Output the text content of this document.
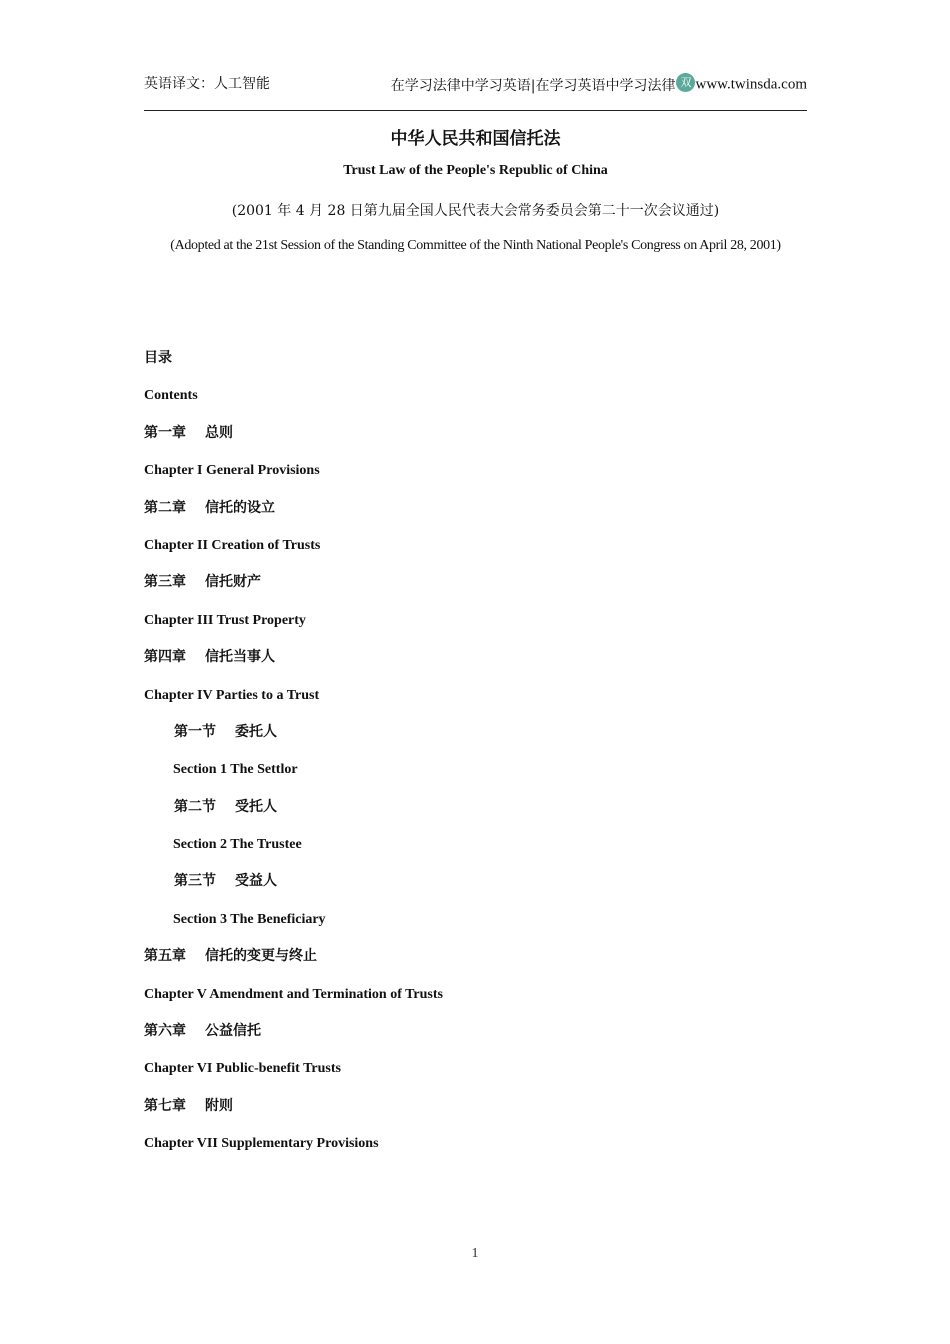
英语译文：人工智能	在学习法律中学习英语|在学习英语中学习法律 双 www.twinsda.com
中华人民共和国信托法
Trust Law of the People's Republic of China
(2001 年 4 月 28 日第九届全国人民代表大会常务委员会第二十一次会议通过)
(Adopted at the 21st Session of the Standing Committee of the Ninth National People's Congress on April 28, 2001)
目录
Contents
第一章 总则
Chapter I General Provisions
第二章 信托的设立
Chapter II Creation of Trusts
第三章 信托财产
Chapter III Trust Property
第四章 信托当事人
Chapter IV Parties to a Trust
第一节 委托人
Section 1 The Settlor
第二节 受托人
Section 2 The Trustee
第三节 受益人
Section 3 The Beneficiary
第五章 信托的变更与终止
Chapter V Amendment and Termination of Trusts
第六章 公益信托
Chapter VI Public-benefit Trusts
第七章 附则
Chapter VII Supplementary Provisions
1
